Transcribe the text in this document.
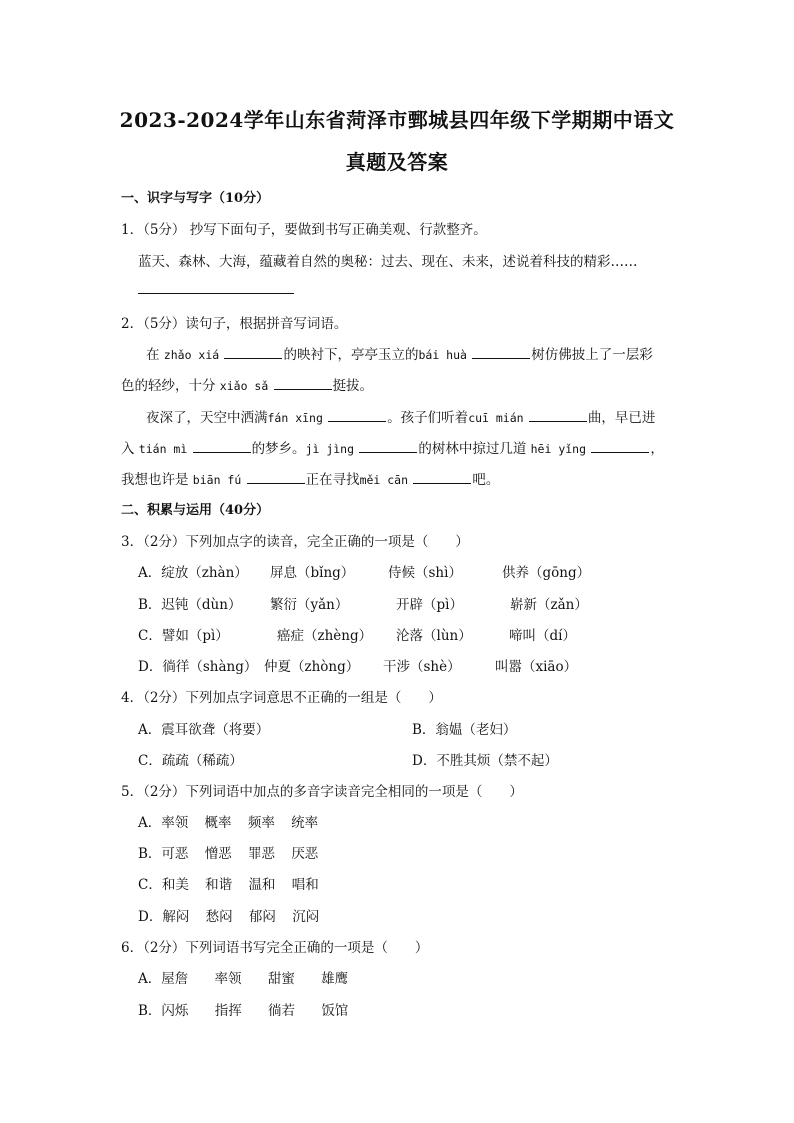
2023-2024学年山东省菏泽市鄄城县四年级下学期期中语文
真题及答案
一、识字与写字（10分）
1．（5分） 抄写下面句子，要做到书写正确美观、行款整齐。
蓝天、森林、大海，蕴藏着自然的奥秘：过去、现在、未来，述说着科技的精彩……
2．（5分）读句子，根据拼音写词语。
在 zhǎo xiá	的映衬下，亭亭玉立的bái huà	树仿佛披上了一层彩
色的轻纱，十分 xiǎo sǎ	挺拔。
夜深了，天空中洒满fán xīng	。孩子们听着cuī mián	曲，早已进
入 tián mì	的梦乡。jì jìng	的树林中掠过几道 hēi yǐng	，
我想也许是 biān fú	正在寻找měi cān	吧。
二、积累与运用（40分）
3．（2分）下列加点字的读音，完全正确的一项是（　　）
A．绽放（zhàn） 屏息（bǐng） 侍候（shì）	供养（gōng）
B．迟钝（dùn） 繁衍（yǎn）	开辟（pì）	崭新（zǎn）
C．譬如（pì）	癌症（zhèng） 沦落（lùn）	啼叫（dí）
D．徜徉（shàng） 仲夏（zhòng） 干涉（shè）	叫嚣（xiāo）
4．（2分）下列加点字词意思不正确的一组是（　　）
A．震耳欲聋（将要）	B．翁媪（老妇）
C．疏疏（稀疏）	D．不胜其烦（禁不起）
5．（2分）下列词语中加点的多音字读音完全相同的一项是（　　）
A．率领 概率 频率 统率
B．可恶 憎恶 罪恶 厌恶
C．和美 和谐 温和 唱和
D．解闷 愁闷 郁闷 沉闷
6．（2分）下列词语书写完全正确的一项是（　　）
A．屋詹 率领 甜蜜 雄鹰
B．闪烁 指挥 徜若 饭馆
